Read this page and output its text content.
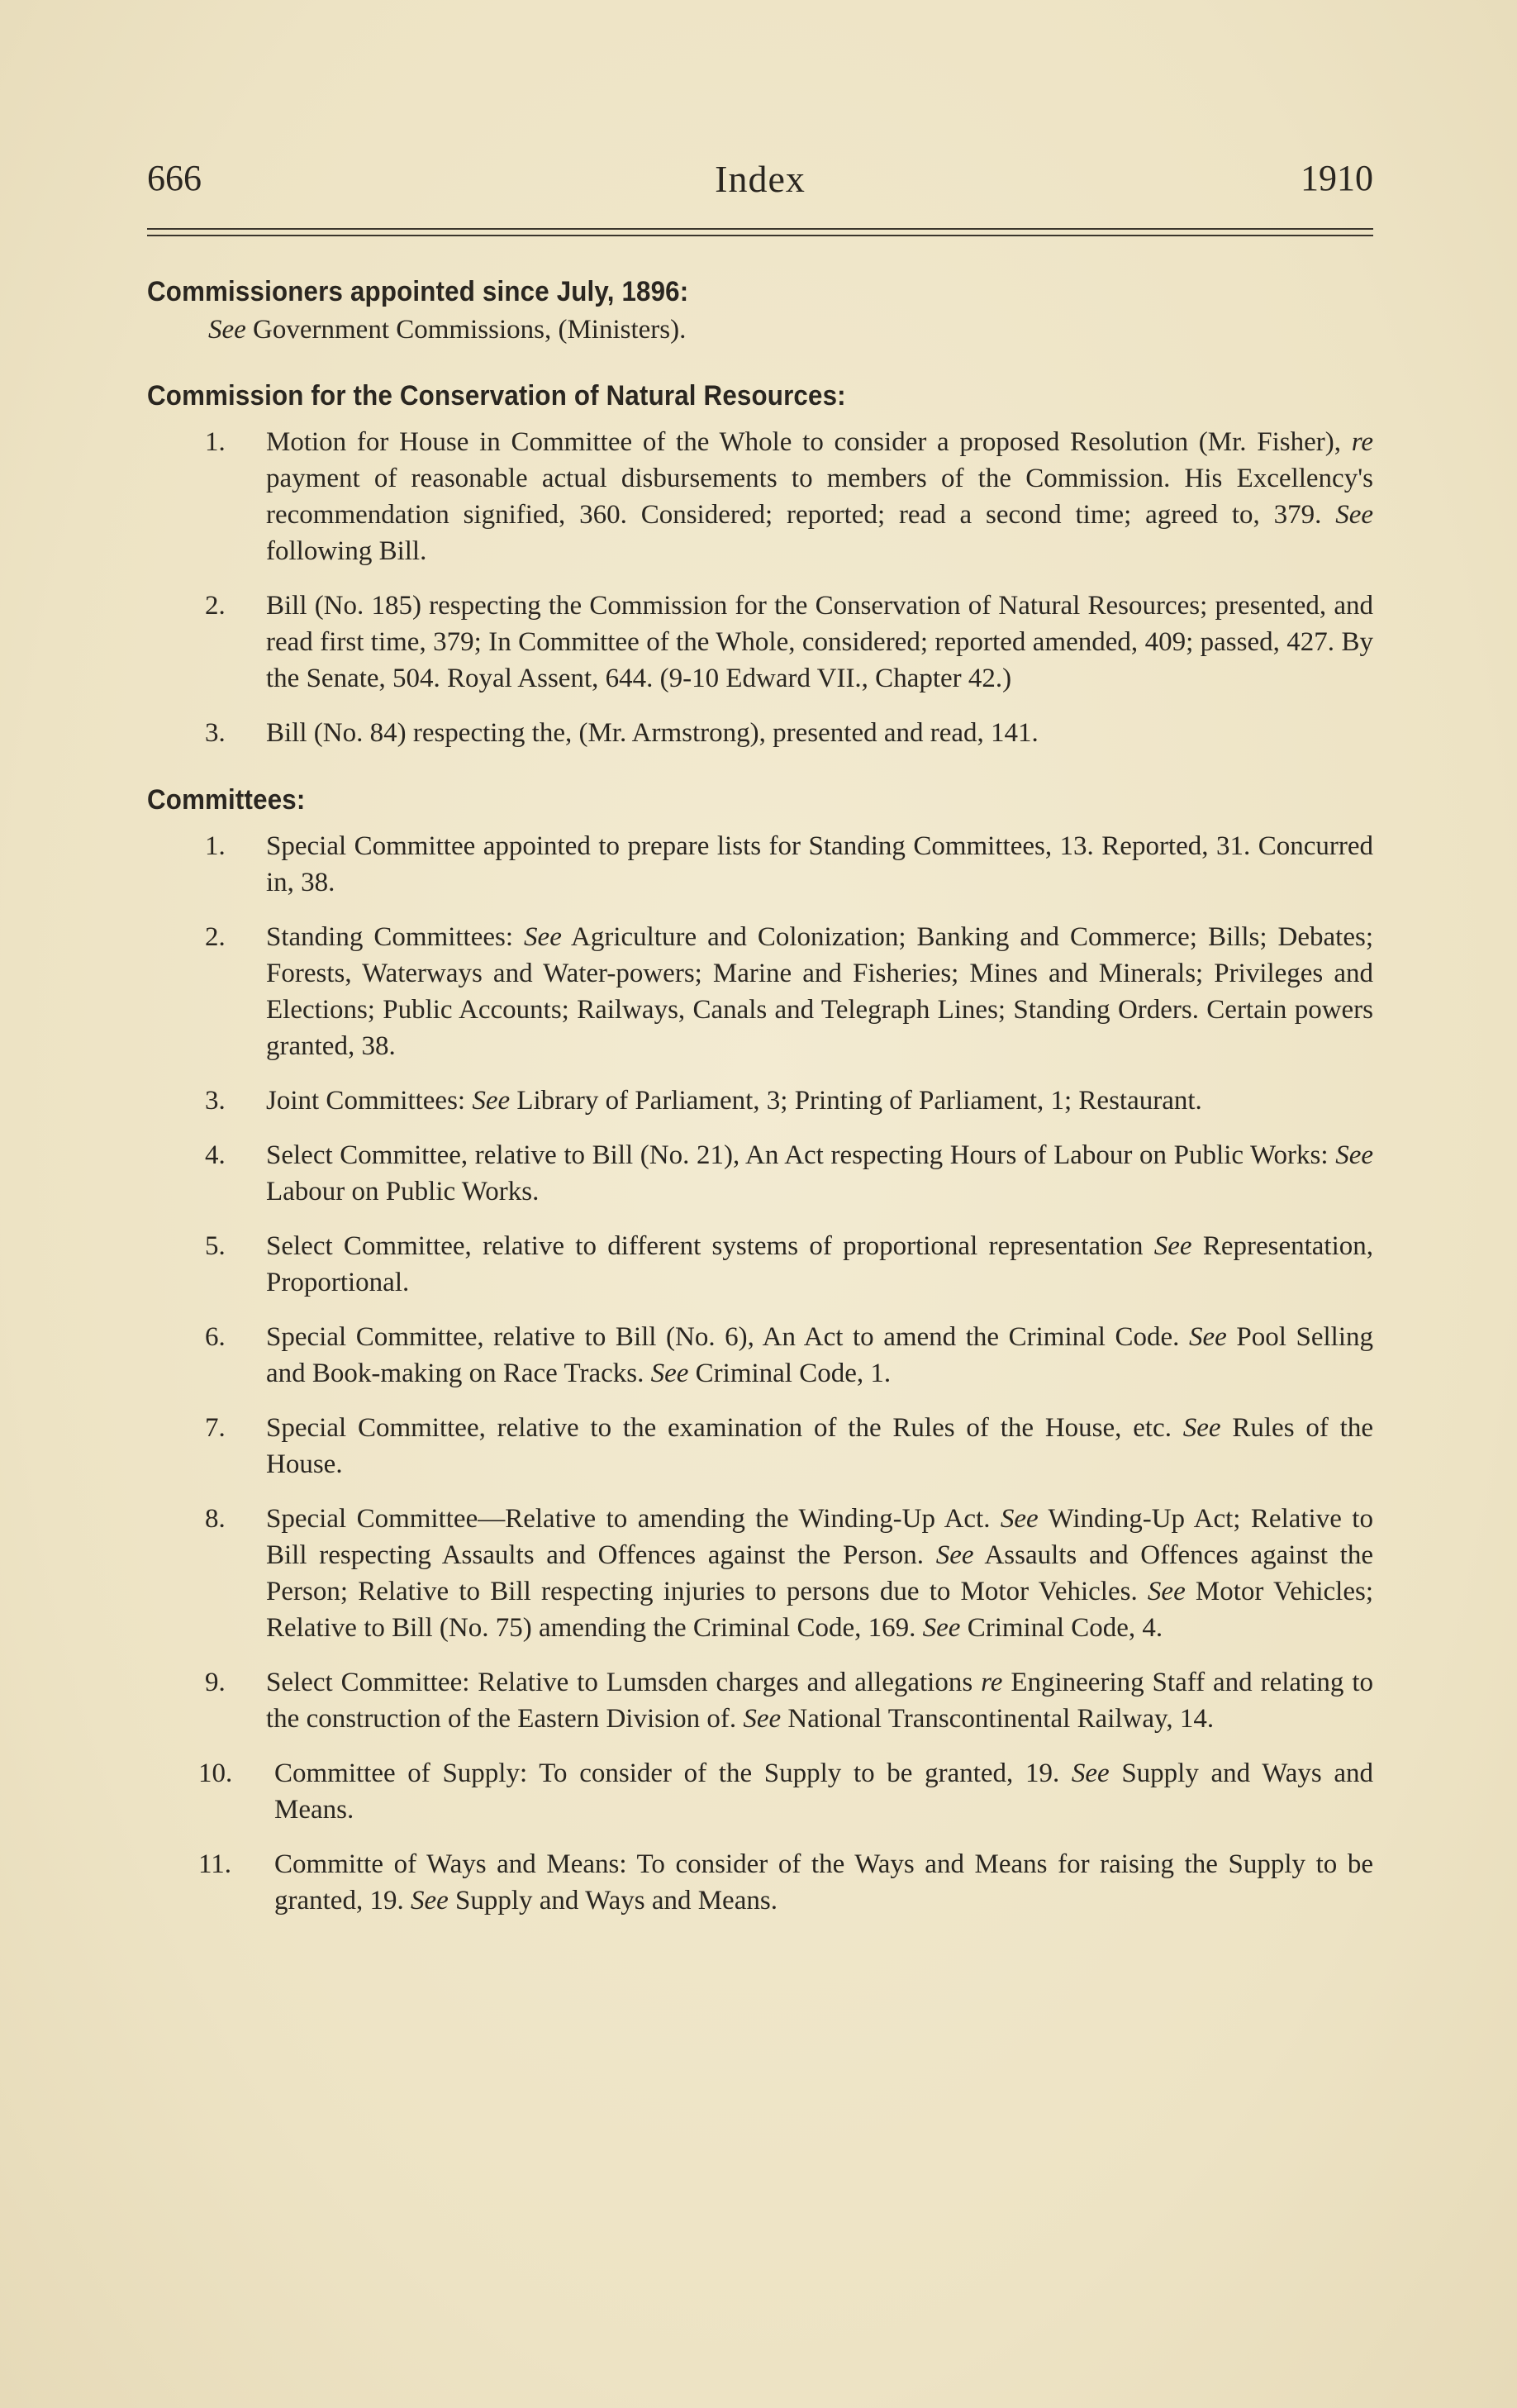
666	Index	1910
Commissioners appointed since July, 1896:
See Government Commissions, (Ministers).
Commission for the Conservation of Natural Resources:
1. Motion for House in Committee of the Whole to consider a proposed Resolution (Mr. Fisher), re payment of reasonable actual disbursements to members of the Commission. His Excellency's recommendation signified, 360. Considered; reported; read a second time; agreed to, 379. See following Bill.
2. Bill (No. 185) respecting the Commission for the Conservation of Natural Resources; presented, and read first time, 379; In Committee of the Whole, considered; reported amended, 409; passed, 427. By the Senate, 504. Royal Assent, 644. (9-10 Edward VII., Chapter 42.)
3. Bill (No. 84) respecting the, (Mr. Armstrong), presented and read, 141.
Committees:
1. Special Committee appointed to prepare lists for Standing Committees, 13. Reported, 31. Concurred in, 38.
2. Standing Committees: See Agriculture and Colonization; Banking and Commerce; Bills; Debates; Forests, Waterways and Water-powers; Marine and Fisheries; Mines and Minerals; Privileges and Elections; Public Accounts; Railways, Canals and Telegraph Lines; Standing Orders. Certain powers granted, 38.
3. Joint Committees: See Library of Parliament, 3; Printing of Parliament, 1; Restaurant.
4. Select Committee, relative to Bill (No. 21), An Act respecting Hours of Labour on Public Works: See Labour on Public Works.
5. Select Committee, relative to different systems of proportional representation See Representation, Proportional.
6. Special Committee, relative to Bill (No. 6), An Act to amend the Criminal Code. See Pool Selling and Book-making on Race Tracks. See Criminal Code, 1.
7. Special Committee, relative to the examination of the Rules of the House, etc. See Rules of the House.
8. Special Committee—Relative to amending the Winding-Up Act. See Winding-Up Act; Relative to Bill respecting Assaults and Offences against the Person. See Assaults and Offences against the Person; Relative to Bill respecting injuries to persons due to Motor Vehicles. See Motor Vehicles; Relative to Bill (No. 75) amending the Criminal Code, 169. See Criminal Code, 4.
9. Select Committee: Relative to Lumsden charges and allegations re Engineering Staff and relating to the construction of the Eastern Division of. See National Transcontinental Railway, 14.
10. Committee of Supply: To consider of the Supply to be granted, 19. See Supply and Ways and Means.
11. Committe of Ways and Means: To consider of the Ways and Means for raising the Supply to be granted, 19. See Supply and Ways and Means.
